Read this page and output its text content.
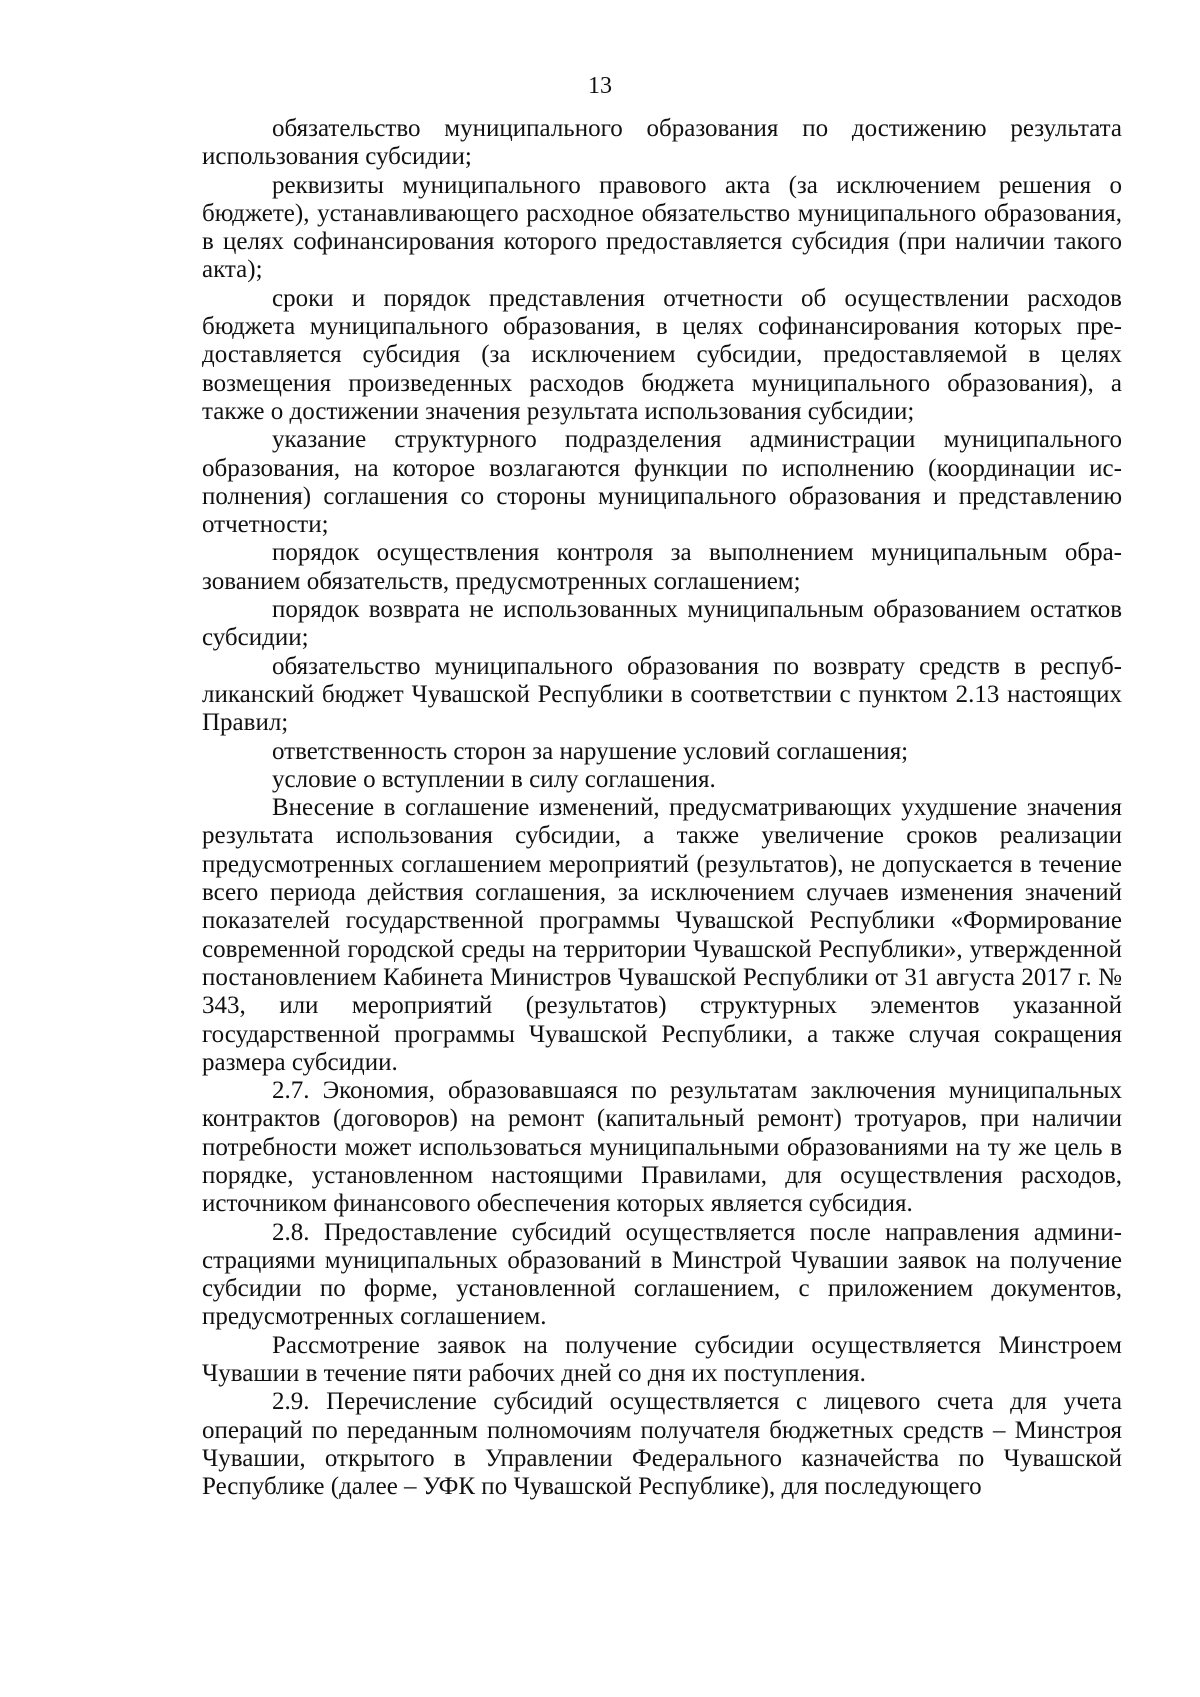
13

обязательство муниципального образования по достижению результата использования субсидии;

реквизиты муниципального правового акта (за исключением решения о бюджете), устанавливающего расходное обязательство муниципального образования, в целях софинансирования которого предоставляется субсидия (при наличии такого акта);

сроки и порядок представления отчетности об осуществлении расходов бюджета муниципального образования, в целях софинансирования которых предоставляется субсидия (за исключением субсидии, предоставляемой в целях возмещения произведенных расходов бюджета муниципального образования), а также о достижении значения результата использования субсидии;

указание структурного подразделения администрации муниципального образования, на которое возлагаются функции по исполнению (координации исполнения) соглашения со стороны муниципального образования и представлению отчетности;

порядок осуществления контроля за выполнением муниципальным образованием обязательств, предусмотренных соглашением;

порядок возврата не использованных муниципальным образованием остатков субсидии;

обязательство муниципального образования по возврату средств в республиканский бюджет Чувашской Республики в соответствии с пунктом 2.13 настоящих Правил;

ответственность сторон за нарушение условий соглашения;

условие о вступлении в силу соглашения.

Внесение в соглашение изменений, предусматривающих ухудшение значения результата использования субсидии, а также увеличение сроков реализации предусмотренных соглашением мероприятий (результатов), не допускается в течение всего периода действия соглашения, за исключением случаев изменения значений показателей государственной программы Чувашской Республики «Формирование современной городской среды на территории Чувашской Республики», утвержденной постановлением Кабинета Министров Чувашской Республики от 31 августа 2017 г. № 343, или мероприятий (результатов) структурных элементов указанной государственной программы Чувашской Республики, а также случая сокращения размера субсидии.

2.7. Экономия, образовавшаяся по результатам заключения муниципальных контрактов (договоров) на ремонт (капитальный ремонт) тротуаров, при наличии потребности может использоваться муниципальными образованиями на ту же цель в порядке, установленном настоящими Правилами, для осуществления расходов, источником финансового обеспечения которых является субсидия.

2.8. Предоставление субсидий осуществляется после направления администрациями муниципальных образований в Минстрой Чувашии заявок на получение субсидии по форме, установленной соглашением, с приложением документов, предусмотренных соглашением.

Рассмотрение заявок на получение субсидии осуществляется Минстроем Чувашии в течение пяти рабочих дней со дня их поступления.

2.9. Перечисление субсидий осуществляется с лицевого счета для учета операций по переданным полномочиям получателя бюджетных средств – Минстроя Чувашии, открытого в Управлении Федерального казначейства по Чувашской Республике (далее – УФК по Чувашской Республике), для последующего
